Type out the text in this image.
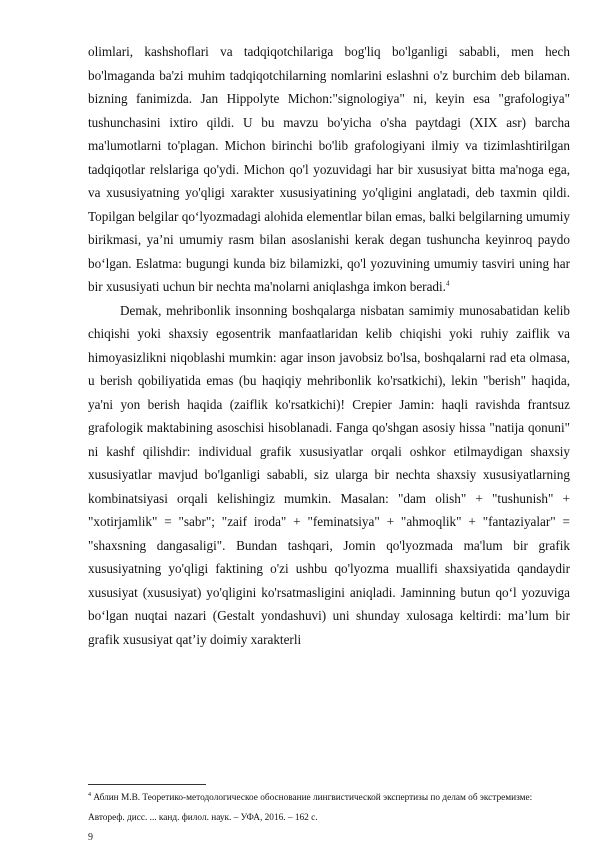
olimlari, kashshoflari va tadqiqotchilariga bog'liq bo'lganligi sababli, men hech bo'lmaganda ba'zi muhim tadqiqotchilarning nomlarini eslashni o'z burchim deb bilaman. bizning fanimizda. Jan Hippolyte Michon:"signologiya" ni, keyin esa "grafologiya" tushunchasini ixtiro qildi. U bu mavzu bo'yicha o'sha paytdagi (XIX asr) barcha ma'lumotlarni to'plagan. Michon birinchi bo'lib grafologiyani ilmiy va tizimlashtirilgan tadqiqotlar relslariga qo'ydi. Michon qo'l yozuvidagi har bir xususiyat bitta ma'noga ega, va xususiyatning yo'qligi xarakter xususiyatining yo'qligini anglatadi, deb taxmin qildi. Topilgan belgilar qo‘lyozmadagi alohida elementlar bilan emas, balki belgilarning umumiy birikmasi, ya’ni umumiy rasm bilan asoslanishi kerak degan tushuncha keyinroq paydo bo‘lgan. Eslatma: bugungi kunda biz bilamizki, qo'l yozuvining umumiy tasviri uning har bir xususiyati uchun bir nechta ma'nolarni aniqlashga imkon beradi.$^4$

Demak, mehribonlik insonning boshqalarga nisbatan samimiy munosabatidan kelib chiqishi yoki shaxsiy egosentrik manfaatlaridan kelib chiqishi yoki ruhiy zaiflik va himoyasizlikni niqoblashi mumkin: agar inson javobsiz bo'lsa, boshqalarni rad eta olmasa, u berish qobiliyatida emas (bu haqiqiy mehribonlik ko'rsatkichi), lekin "berish" haqida, ya'ni yon berish haqida (zaiflik ko'rsatkichi)! Crepier Jamin: haqli ravishda frantsuz grafologik maktabining asoschisi hisoblanadi. Fanga qo'shgan asosiy hissa "natija qonuni" ni kashf qilishdir: individual grafik xususiyatlar orqali oshkor etilmaydigan shaxsiy xususiyatlar mavjud bo'lganligi sababli, siz ularga bir nechta shaxsiy xususiyatlarning kombinatsiyasi orqali kelishingiz mumkin. Masalan: "dam olish" + "tushunish" + "xotirjamlik" = "sabr"; "zaif iroda" + "feminatsiya" + "ahmoqlik" + "fantaziyalar" = "shaxsning dangasaligi". Bundan tashqari, Jomin qo'lyozmada ma'lum bir grafik xususiyatning yo'qligi faktining o'zi ushbu qo'lyozma muallifi shaxsiyatida qandaydir xususiyat (xususiyat) yo'qligini ko'rsatmasligini aniqladi. Jaminning butun qo‘l yozuviga bo‘lgan nuqtai nazari (Gestalt yondashuvi) uni shunday xulosaga keltirdi: ma’lum bir grafik xususiyat qat’iy doimiy xarakterli

$^4$ Аблин М.В. Теоретико-методологическое обоснование лингвистической экспертизы по делам об экстремизме: Автореф. дисс. ... канд. филол. наук. – УФА, 2016. – 162 с.
9
